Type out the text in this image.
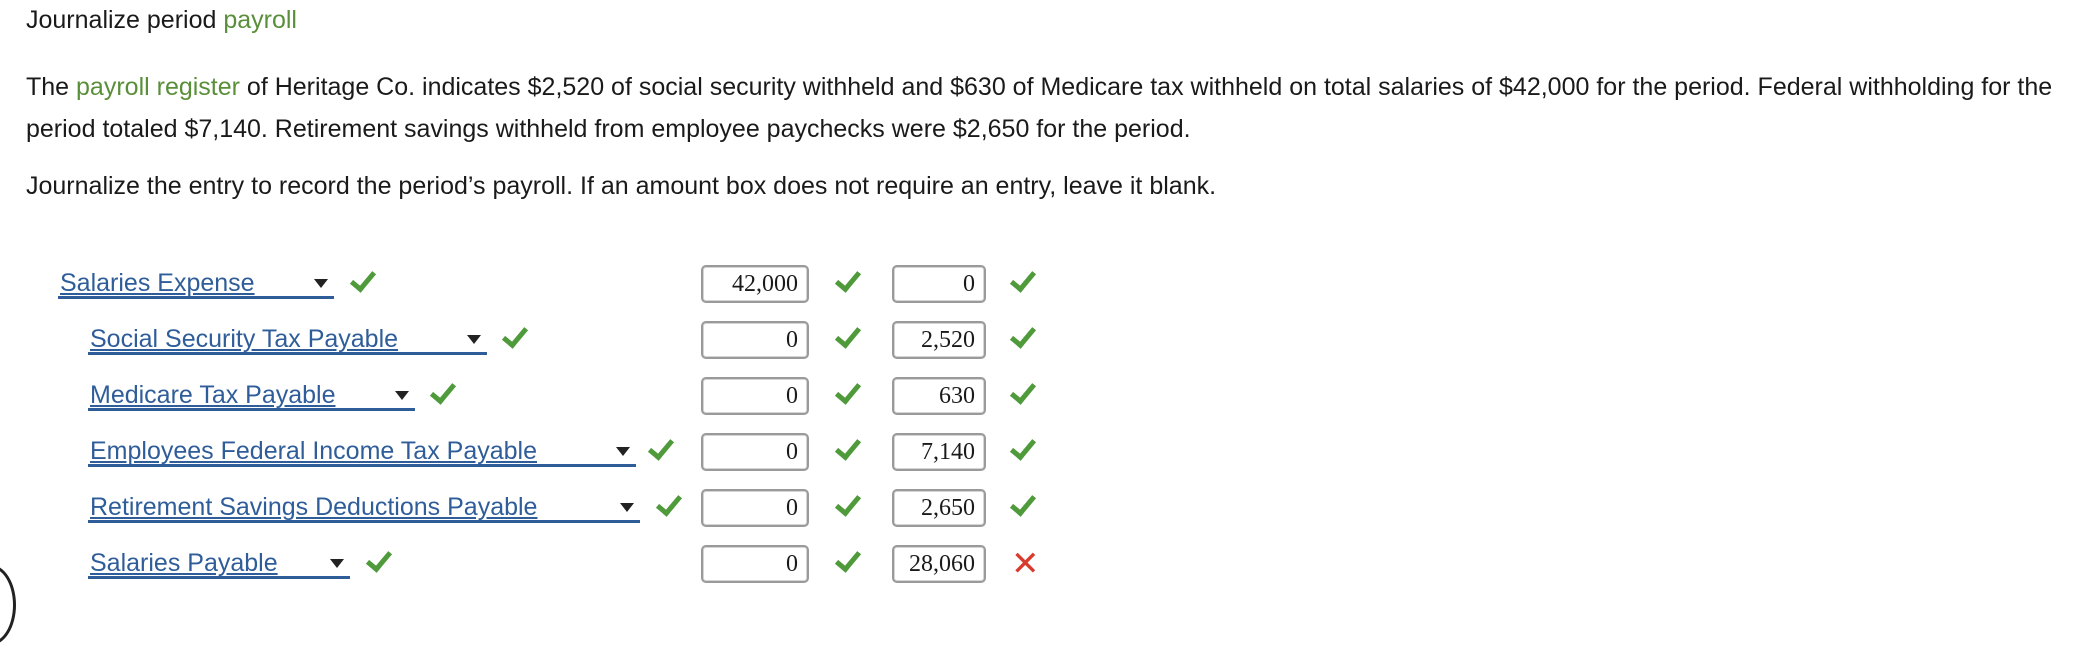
Journalize period payroll
The payroll register of Heritage Co. indicates $2,520 of social security withheld and $630 of Medicare tax withheld on total salaries of $42,000 for the period. Federal withholding for the period totaled $7,140. Retirement savings withheld from employee paychecks were $2,650 for the period.
Journalize the entry to record the period’s payroll. If an amount box does not require an entry, leave it blank.
Salaries Expense	42,000	0
Social Security Tax Payable	0	2,520
Medicare Tax Payable	0	630
Employees Federal Income Tax Payable	0	7,140
Retirement Savings Deductions Payable	0	2,650
Salaries Payable	0	28,060	✕
